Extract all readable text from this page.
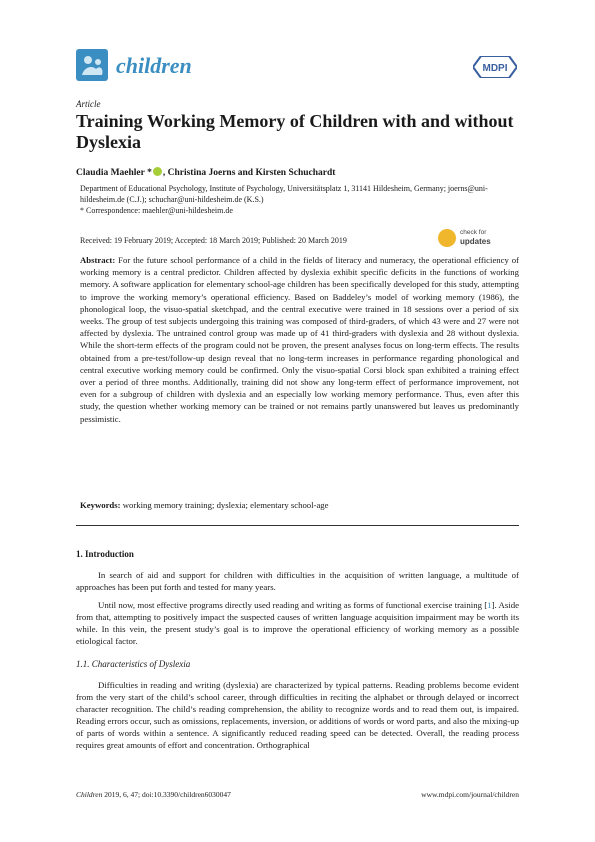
children	MDPI
Article
Training Working Memory of Children with and without Dyslexia
Claudia Maehler * , Christina Joerns and Kirsten Schuchardt
Department of Educational Psychology, Institute of Psychology, Universitätsplatz 1, 31141 Hildesheim, Germany; joerns@uni-hildesheim.de (C.J.); schuchar@uni-hildesheim.de (K.S.)
* Correspondence: maehler@uni-hildesheim.de
Received: 19 February 2019; Accepted: 18 March 2019; Published: 20 March 2019
check for
updates
Abstract: For the future school performance of a child in the fields of literacy and numeracy, the operational efficiency of working memory is a central predictor. Children affected by dyslexia exhibit specific deficits in the functions of working memory. A software application for elementary school-age children has been specifically developed for this study, attempting to improve the working memory’s operational efficiency. Based on Baddeley’s model of working memory (1986), the phonological loop, the visuo-spatial sketchpad, and the central executive were trained in 18 sessions over a period of six weeks. The group of test subjects undergoing this training was composed of third-graders, of which 43 were and 27 were not affected by dyslexia. The untrained control group was made up of 41 third-graders with dyslexia and 28 without dyslexia. While the short-term effects of the program could not be proven, the present analyses focus on long-term effects. The results obtained from a pre-test/follow-up design reveal that no long-term increases in performance regarding phonological and central executive working memory could be confirmed. Only the visuo-spatial Corsi block span exhibited a training effect over a period of three months. Additionally, training did not show any long-term effect of performance improvement, not even for a subgroup of children with dyslexia and an especially low working memory performance. Thus, even after this study, the question whether working memory can be trained or not remains partly unanswered but leaves us predominantly pessimistic.
Keywords: working memory training; dyslexia; elementary school-age
1. Introduction
In search of aid and support for children with difficulties in the acquisition of written language, a multitude of approaches has been put forth and tested for many years.
Until now, most effective programs directly used reading and writing as forms of functional exercise training [1]. Aside from that, attempting to positively impact the suspected causes of written language acquisition impairment may be worth its while. In this vein, the present study’s goal is to improve the operational efficiency of working memory as a possible etiological factor.
1.1. Characteristics of Dyslexia
Difficulties in reading and writing (dyslexia) are characterized by typical patterns. Reading problems become evident from the very start of the child’s school career, through difficulties in reciting the alphabet or through delayed or incorrect character recognition. The child’s reading comprehension, the ability to recognize words and to read them out, is impaired. Reading errors occur, such as omissions, replacements, inversion, or additions of words or word parts, and also the mixing-up of parts of words within a sentence. A significantly reduced reading speed can be detected. Overall, the reading process requires great amounts of effort and concentration. Orthographical
Children 2019, 6, 47; doi:10.3390/children6030047	www.mdpi.com/journal/children
